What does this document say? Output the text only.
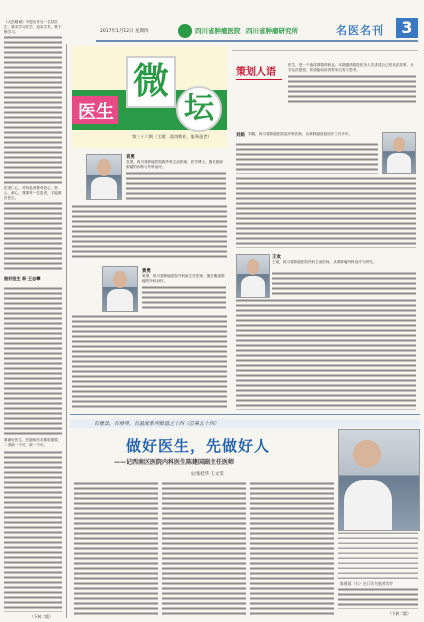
2017年1月12日 星期四	四川省肿瘤医院 四川省肿瘤研究所	名医名刊	3
《大医精诚》中提出作为一名好医生，要求学习医学，追求学术，要不断学习。
医者仁心，对待患者要有爱心、细心、耐心，尊重每一位患者，才能做好医生。
做好医生 职 王志攀
要做好医生，医德和医术都很重要，二者缺一不可，缺一不可。
（下转二版）
医 生
微
坛
第三十六期（主题：爱岗敬业，服务患者）
策划人语
医生，是一个值得尊敬的职业。本期邀请我院医务人员讲述自己的从医故事，分享从医感悟，希望能给读者带来启发与思考。
袁勇
袁勇，四川省肿瘤医院胸外科主治医师，医学博士。擅长胸部肿瘤的诊断与外科治疗。
刘娟 刘娟，四川省肿瘤医院放疗科医师，从事肿瘤放射治疗工作多年。
黄勇
黄勇，四川省肿瘤医院外科副主任医师，擅长腹部肿瘤的外科治疗。
王欢
王欢，四川省肿瘤医院内科主治医师，从事肿瘤内科治疗与研究。
有愿景，有境界，有温度系列报道之十四（总第五十四）
做好医生，先做好人
——记西南区医院内科医生陈建国副主任医师
文/张桂华 王文雯
陈建国（右）在门诊为患者诊疗
（下转二版）
